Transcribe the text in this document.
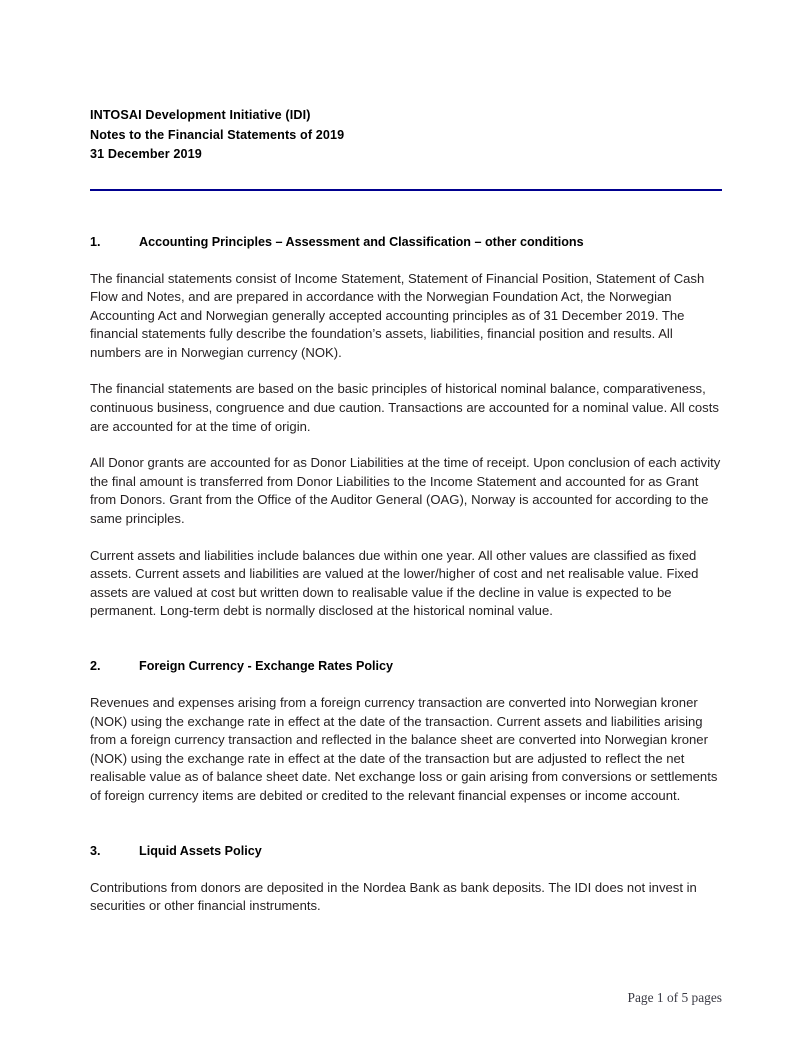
INTOSAI Development Initiative (IDI)
Notes to the Financial Statements of 2019
31 December 2019
1.	Accounting Principles – Assessment and Classification – other conditions

The financial statements consist of Income Statement, Statement of Financial Position, Statement of Cash Flow and Notes, and are prepared in accordance with the Norwegian Foundation Act, the Norwegian Accounting Act and Norwegian generally accepted accounting principles as of 31 December 2019. The financial statements fully describe the foundation’s assets, liabilities, financial position and results. All numbers are in Norwegian currency (NOK).

The financial statements are based on the basic principles of historical nominal balance, comparativeness, continuous business, congruence and due caution. Transactions are accounted for a nominal value. All costs are accounted for at the time of origin.

All Donor grants are accounted for as Donor Liabilities at the time of receipt. Upon conclusion of each activity the final amount is transferred from Donor Liabilities to the Income Statement and accounted for as Grant from Donors. Grant from the Office of the Auditor General (OAG), Norway is accounted for according to the same principles.

Current assets and liabilities include balances due within one year. All other values are classified as fixed assets. Current assets and liabilities are valued at the lower/higher of cost and net realisable value. Fixed assets are valued at cost but written down to realisable value if the decline in value is expected to be permanent. Long-term debt is normally disclosed at the historical nominal value.

2.	Foreign Currency - Exchange Rates Policy

Revenues and expenses arising from a foreign currency transaction are converted into Norwegian kroner (NOK) using the exchange rate in effect at the date of the transaction. Current assets and liabilities arising from a foreign currency transaction and reflected in the balance sheet are converted into Norwegian kroner (NOK) using the exchange rate in effect at the date of the transaction but are adjusted to reflect the net realisable value as of balance sheet date. Net exchange loss or gain arising from conversions or settlements of foreign currency items are debited or credited to the relevant financial expenses or income account.

3.	Liquid Assets Policy

Contributions from donors are deposited in the Nordea Bank as bank deposits. The IDI does not invest in securities or other financial instruments.

Page 1 of 5 pages
